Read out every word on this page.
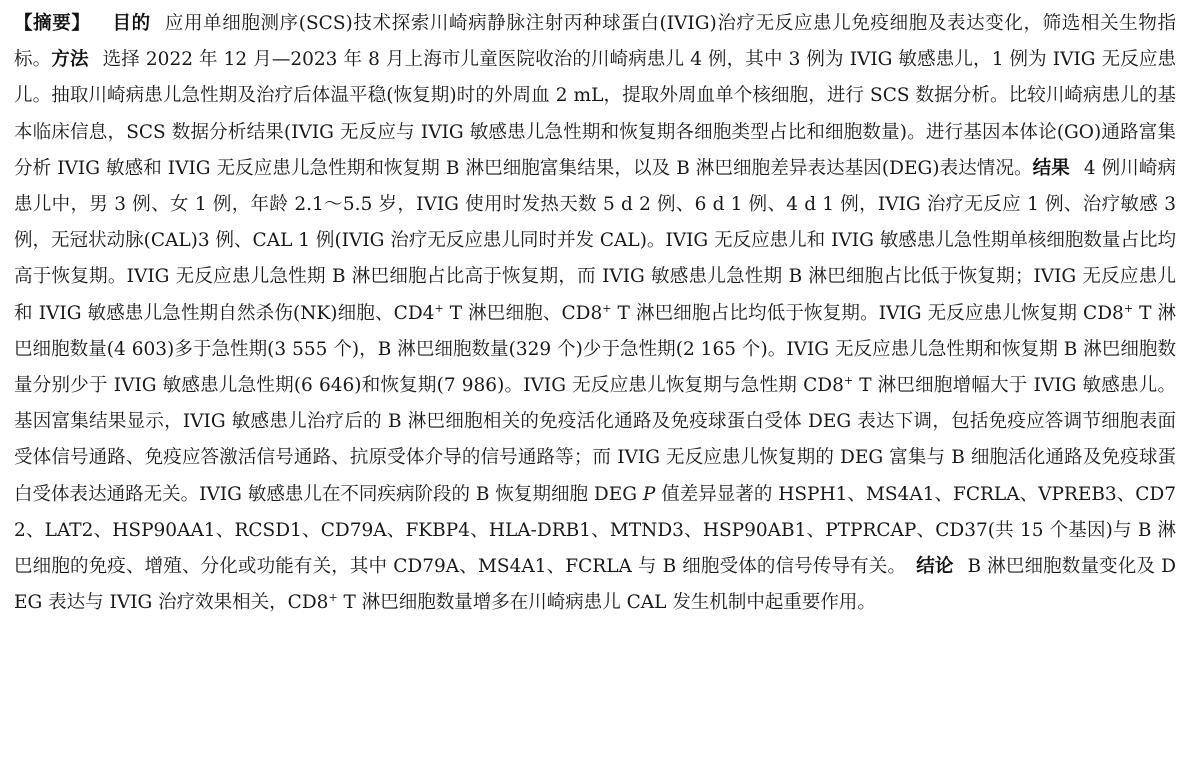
【摘要】 目的 应用单细胞测序(SCS)技术探索川崎病静脉注射丙种球蛋白(IVIG)治疗无反应患儿免疫细胞及表达变化，筛选相关生物指标。方法 选择 2022 年 12 月—2023 年 8 月上海市儿童医院收治的川崎病患儿 4 例，其中 3 例为 IVIG 敏感患儿，1 例为 IVIG 无反应患儿。抽取川崎病患儿急性期及治疗后体温平稳(恢复期)时的外周血 2 mL，提取外周血单个核细胞，进行 SCS 数据分析。比较川崎病患儿的基本临床信息，SCS 数据分析结果(IVIG 无反应与 IVIG 敏感患儿急性期和恢复期各细胞类型占比和细胞数量)。进行基因本体论(GO)通路富集分析 IVIG 敏感和 IVIG 无反应患儿急性期和恢复期 B 淋巴细胞富集结果，以及 B 淋巴细胞差异表达基因(DEG)表达情况。结果 4 例川崎病患儿中，男 3 例、女 1 例，年龄 2.1～5.5 岁，IVIG 使用时发热天数 5 d 2 例、6 d 1 例、4 d 1 例，IVIG 治疗无反应 1 例、治疗敏感 3 例，无冠状动脉(CAL)3 例、CAL 1 例(IVIG 治疗无反应患儿同时并发 CAL)。IVIG 无反应患儿和 IVIG 敏感患儿急性期单核细胞数量占比均高于恢复期。IVIG 无反应患儿急性期 B 淋巴细胞占比高于恢复期，而 IVIG 敏感患儿急性期 B 淋巴细胞占比低于恢复期；IVIG 无反应患儿和 IVIG 敏感患儿急性期自然杀伤(NK)细胞、CD4+ T 淋巴细胞、CD8+ T 淋巴细胞占比均低于恢复期。IVIG 无反应患儿恢复期 CD8+ T 淋巴细胞数量(4 603)多于急性期(3 555 个)，B 淋巴细胞数量(329 个)少于急性期(2 165 个)。IVIG 无反应患儿急性期和恢复期 B 淋巴细胞数量分别少于 IVIG 敏感患儿急性期(6 646)和恢复期(7 986)。IVIG 无反应患儿恢复期与急性期 CD8+ T 淋巴细胞增幅大于 IVIG 敏感患儿。基因富集结果显示，IVIG 敏感患儿治疗后的 B 淋巴细胞相关的免疫活化通路及免疫球蛋白受体 DEG 表达下调，包括免疫应答调节细胞表面受体信号通路、免疫应答激活信号通路、抗原受体介导的信号通路等；而 IVIG 无反应患儿恢复期的 DEG 富集与 B 细胞活化通路及免疫球蛋白受体表达通路无关。IVIG 敏感患儿在不同疾病阶段的 B 恢复期细胞 DEG P 值差异显著的 HSPH1、MS4A1、FCRLA、VPREB3、CD72、LAT2、HSP90AA1、RCSD1、CD79A、FKBP4、HLA-DRB1、MTND3、HSP90AB1、PTPRCAP、CD37(共 15 个基因)与 B 淋巴细胞的免疫、增殖、分化或功能有关，其中 CD79A、MS4A1、FCRLA 与 B 细胞受体的信号传导有关。 结论 B 淋巴细胞数量变化及 DEG 表达与 IVIG 治疗效果相关，CD8+ T 淋巴细胞数量增多在川崎病患儿 CAL 发生机制中起重要作用。
